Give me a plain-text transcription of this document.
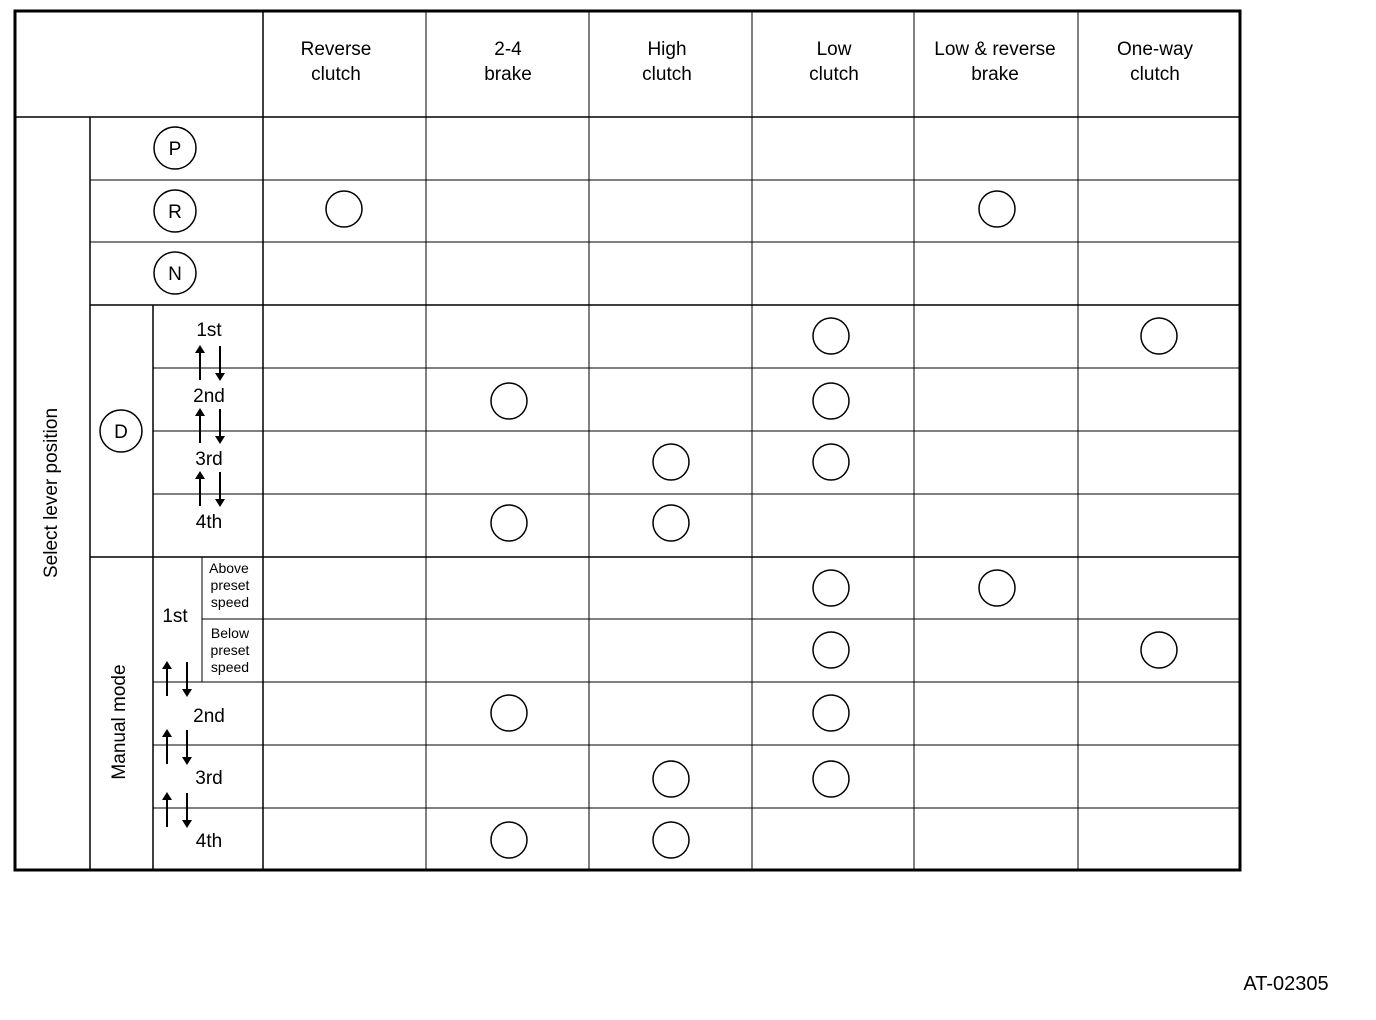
Reverse
clutch
2-4
brake
High
clutch
Low
clutch
Low & reverse
brake
One-way
clutch
Select lever position
Manual mode
P
R
N
D
1st
2nd
3rd
4th
1st
2nd
3rd
4th
Above
preset
speed
Below
preset
speed
AT-02305
